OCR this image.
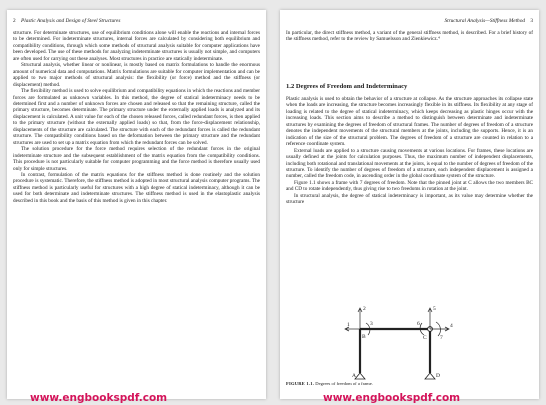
2 Plastic Analysis and Design of Steel Structures

structure. For determinate structures, use of equilibrium conditions alone will enable the reactions and internal forces to be determined. For indeterminate structures, internal forces are calculated by considering both equilibrium and compatibility conditions, through which some methods of structural analysis suitable for computer applications have been developed. The use of these methods for analyzing indeterminate structures is usually not simple, and computers are often used for carrying out these analyses. Most structures in practice are statically indeterminate.

Structural analysis, whether linear or nonlinear, is mostly based on matrix formulations to handle the enormous amount of numerical data and computations. Matrix formulations are suitable for computer implementation and can be applied to two major methods of structural analysis: the flexibility (or force) method and the stiffness (or displacement) method.

The flexibility method is used to solve equilibrium and compatibility equations in which the reactions and member forces are formulated as unknown variables. In this method, the degree of statical indeterminacy needs to be determined first and a number of unknown forces are chosen and released so that the remaining structure, called the primary structure, becomes determinate. The primary structure under the externally applied loads is analyzed and its displacement is calculated. A unit value for each of the chosen released forces, called redundant forces, is then applied to the primary structure (without the externally applied loads) so that, from the force-displacement relationship, displacements of the structure are calculated. The structure with each of the redundant forces is called the redundant structure. The compatibility conditions based on the deformation between the primary structure and the redundant structures are used to set up a matrix equation from which the redundant forces can be solved.

The solution procedure for the force method requires selection of the redundant forces in the original indeterminate structure and the subsequent establishment of the matrix equation from the compatibility conditions. This procedure is not particularly suitable for computer programming and the force method is therefore usually used only for simple structures.

In contrast, formulation of the matrix equations for the stiffness method is done routinely and the solution procedure is systematic. Therefore, the stiffness method is adopted in most structural analysis computer programs. The stiffness method is particularly useful for structures with a high degree of statical indeterminacy, although it can be used for both determinate and indeterminate structures. The stiffness method is used in the elastoplastic analysis described in this book and the basis of this method is given in this chapter.

www.engbookspdf.com
Structural Analysis—Stiffness Method 3

In particular, the direct stiffness method, a variant of the general stiffness method, is described. For a brief history of the stiffness method, refer to the review by Samuelsson and Zienkiewicz.⁴

1.2 Degrees of Freedom and Indeterminacy

Plastic analysis is used to obtain the behavior of a structure at collapse. As the structure approaches its collapse state when the loads are increasing, the structure becomes increasingly flexible in its stiffness. Its flexibility at any stage of loading is related to the degree of statical indeterminacy, which keeps decreasing as plastic hinges occur with the increasing loads. This section aims to describe a method to distinguish between determinate and indeterminate structures by examining the degrees of freedom of structural frames. The number of degrees of freedom of a structure denotes the independent movements of the structural members at the joints, including the supports. Hence, it is an indication of the size of the structural problem. The degrees of freedom of a structure are counted in relation to a reference coordinate system.

External loads are applied to a structure causing movements at various locations. For frames, these locations are usually defined at the joints for calculation purposes. Thus, the maximum number of independent displacements, including both rotational and translational movements at the joints, is equal to the number of degrees of freedom of the structure. To identify the number of degrees of freedom of a structure, each independent displacement is assigned a number, called the freedom code, in ascending order in the global coordinate system of the structure.

Figure 1.1 shows a frame with 7 degrees of freedom. Note that the pinned joint at C allows the two members BC and CD to rotate independently, thus giving rise to two freedoms in rotation at the joint.

In structural analysis, the degree of statical indeterminacy is important, as its value may determine whether the structure

2	5
1	4
3	6
7
A
B	C
D
FIGURE 1.1. Degrees of freedom of a frame.
www.engbookspdf.com
